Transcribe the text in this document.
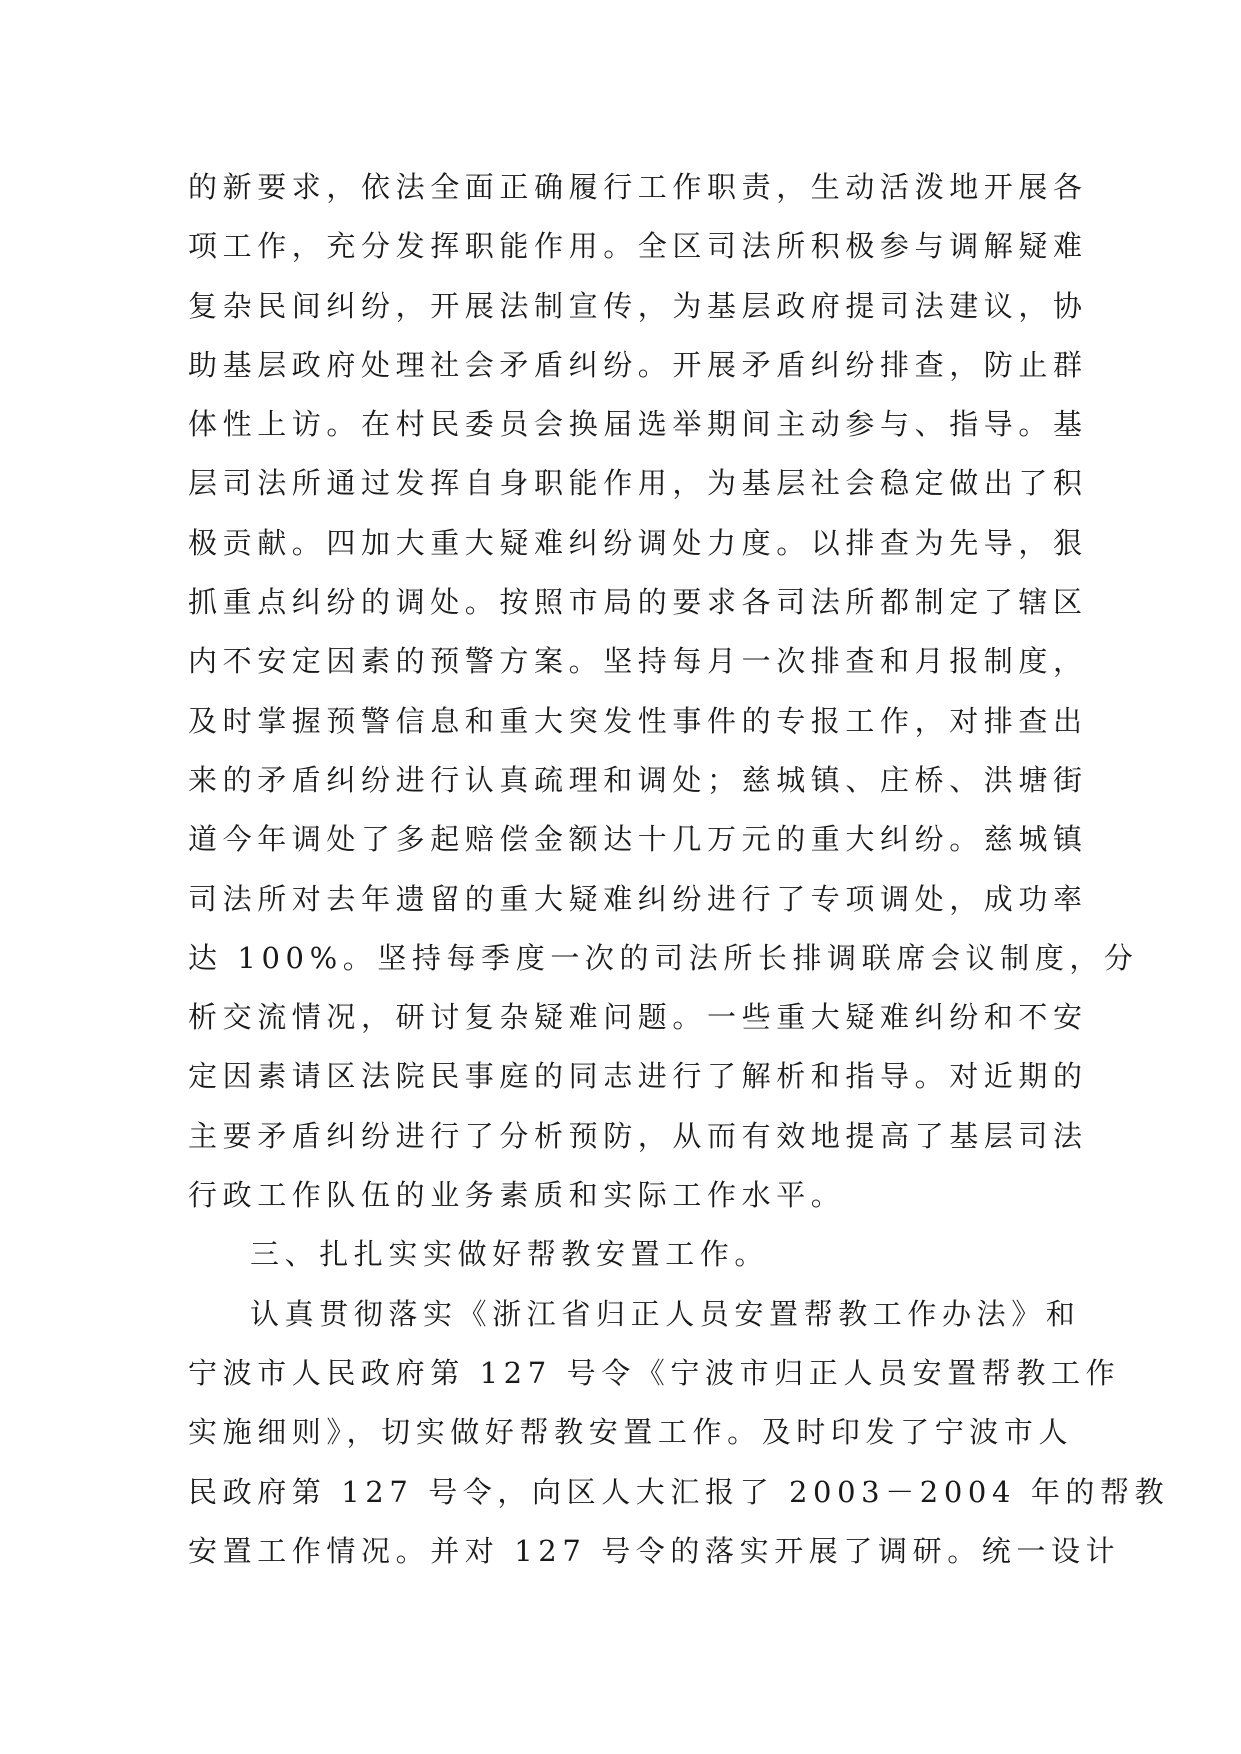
的新要求，依法全面正确履行工作职责，生动活泼地开展各
项工作，充分发挥职能作用。全区司法所积极参与调解疑难
复杂民间纠纷，开展法制宣传，为基层政府提司法建议，协
助基层政府处理社会矛盾纠纷。开展矛盾纠纷排查，防止群
体性上访。在村民委员会换届选举期间主动参与、指导。基
层司法所通过发挥自身职能作用，为基层社会稳定做出了积
极贡献。四加大重大疑难纠纷调处力度。以排查为先导，狠
抓重点纠纷的调处。按照市局的要求各司法所都制定了辖区
内不安定因素的预警方案。坚持每月一次排查和月报制度，
及时掌握预警信息和重大突发性事件的专报工作，对排查出
来的矛盾纠纷进行认真疏理和调处；慈城镇、庄桥、洪塘街
道今年调处了多起赔偿金额达十几万元的重大纠纷。慈城镇
司法所对去年遗留的重大疑难纠纷进行了专项调处，成功率
达 100%。坚持每季度一次的司法所长排调联席会议制度，分
析交流情况，研讨复杂疑难问题。一些重大疑难纠纷和不安
定因素请区法院民事庭的同志进行了解析和指导。对近期的
主要矛盾纠纷进行了分析预防，从而有效地提高了基层司法
行政工作队伍的业务素质和实际工作水平。
三、扎扎实实做好帮教安置工作。
认真贯彻落实《浙江省归正人员安置帮教工作办法》和
宁波市人民政府第 127 号令《宁波市归正人员安置帮教工作
实施细则》，切实做好帮教安置工作。及时印发了宁波市人
民政府第 127 号令，向区人大汇报了 2003－2004 年的帮教
安置工作情况。并对 127 号令的落实开展了调研。统一设计
